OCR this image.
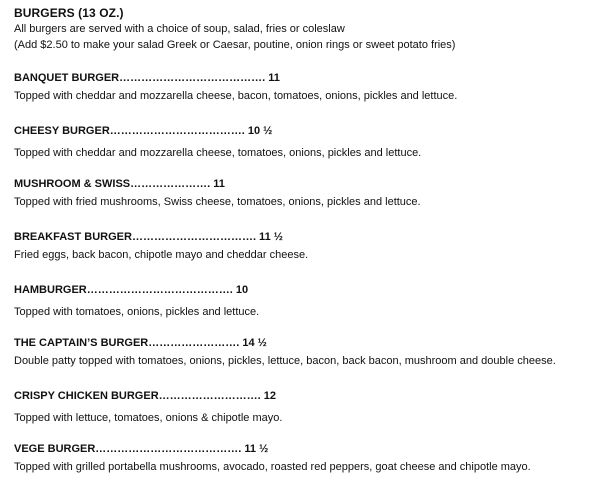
BURGERS (13 OZ.)
All burgers are served with a choice of soup, salad, fries or coleslaw
(Add $2.50 to make your salad Greek or Caesar, poutine, onion rings or sweet potato fries)
BANQUET BURGER…………………………………. 11
Topped with cheddar and mozzarella cheese, bacon, tomatoes, onions, pickles and lettuce.
CHEESY BURGER………………………………. 10 ½
Topped with cheddar and mozzarella cheese, tomatoes, onions, pickles and lettuce.
MUSHROOM & SWISS…………………. 11
Topped with fried mushrooms, Swiss cheese, tomatoes, onions, pickles and lettuce.
BREAKFAST BURGER……………………………. 11 ½
Fried eggs, back bacon, chipotle mayo and cheddar cheese.
HAMBURGER…………………………………. 10
Topped with tomatoes, onions, pickles and lettuce.
THE CAPTAIN’S BURGER……………………. 14 ½
Double patty topped with tomatoes, onions, pickles, lettuce, bacon, back bacon, mushroom and double cheese.
CRISPY CHICKEN BURGER………………………. 12
Topped with lettuce, tomatoes, onions & chipotle mayo.
VEGE BURGER…………………………………. 11 ½
Topped with grilled portabella mushrooms, avocado, roasted red peppers, goat cheese and chipotle mayo.
